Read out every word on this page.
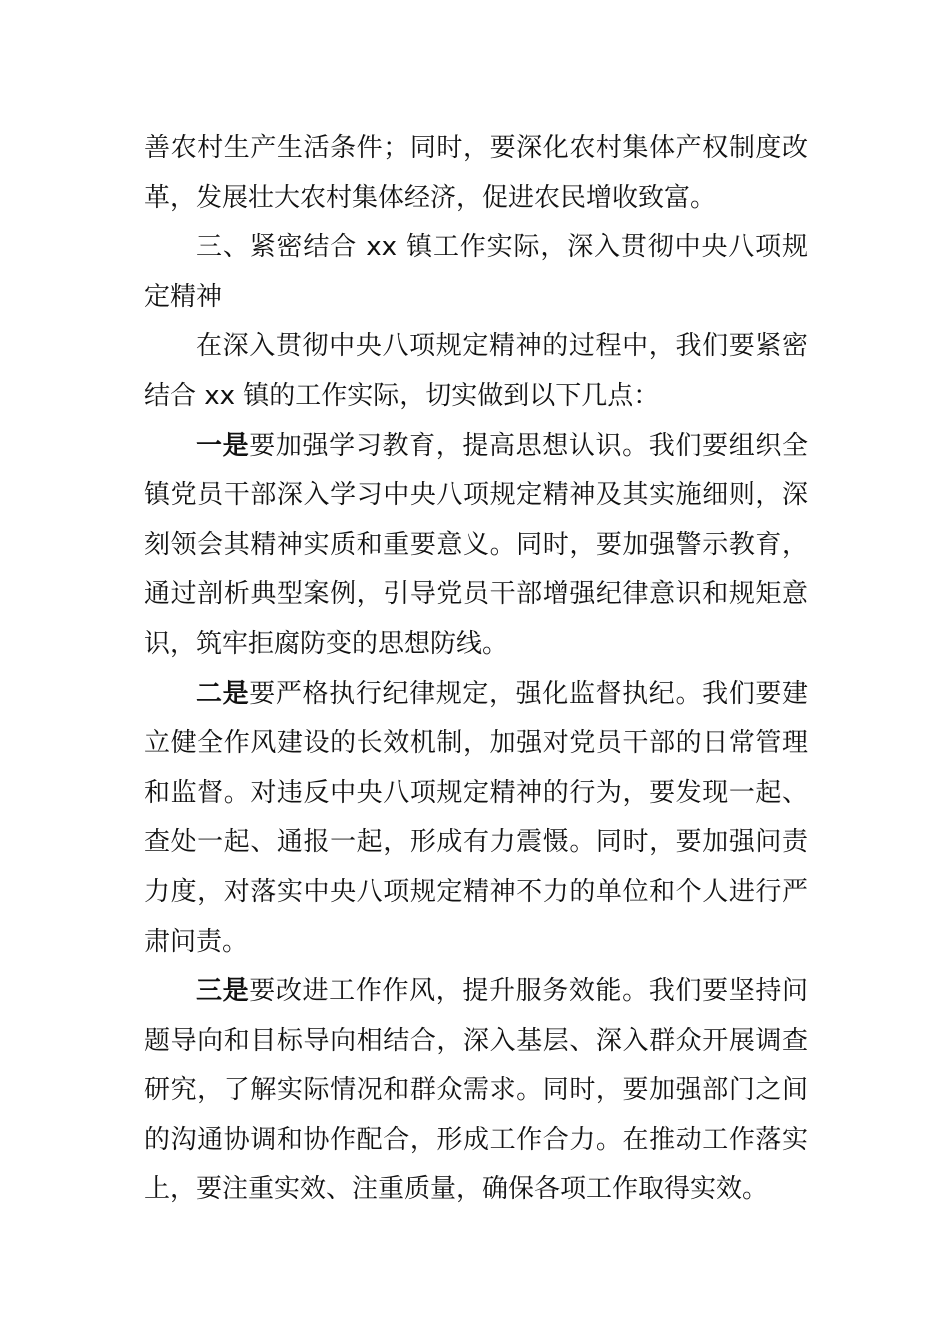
善农村生产生活条件；同时，要深化农村集体产权制度改革，发展壮大农村集体经济，促进农民增收致富。

三、紧密结合 xx 镇工作实际，深入贯彻中央八项规定精神

在深入贯彻中央八项规定精神的过程中，我们要紧密结合 xx 镇的工作实际，切实做到以下几点：

一是要加强学习教育，提高思想认识。我们要组织全镇党员干部深入学习中央八项规定精神及其实施细则，深刻领会其精神实质和重要意义。同时，要加强警示教育，通过剖析典型案例，引导党员干部增强纪律意识和规矩意识，筑牢拒腐防变的思想防线。

二是要严格执行纪律规定，强化监督执纪。我们要建立健全作风建设的长效机制，加强对党员干部的日常管理和监督。对违反中央八项规定精神的行为，要发现一起、查处一起、通报一起，形成有力震慑。同时，要加强问责力度，对落实中央八项规定精神不力的单位和个人进行严肃问责。

三是要改进工作作风，提升服务效能。我们要坚持问题导向和目标导向相结合，深入基层、深入群众开展调查研究，了解实际情况和群众需求。同时，要加强部门之间的沟通协调和协作配合，形成工作合力。在推动工作落实上，要注重实效、注重质量，确保各项工作取得实效。
